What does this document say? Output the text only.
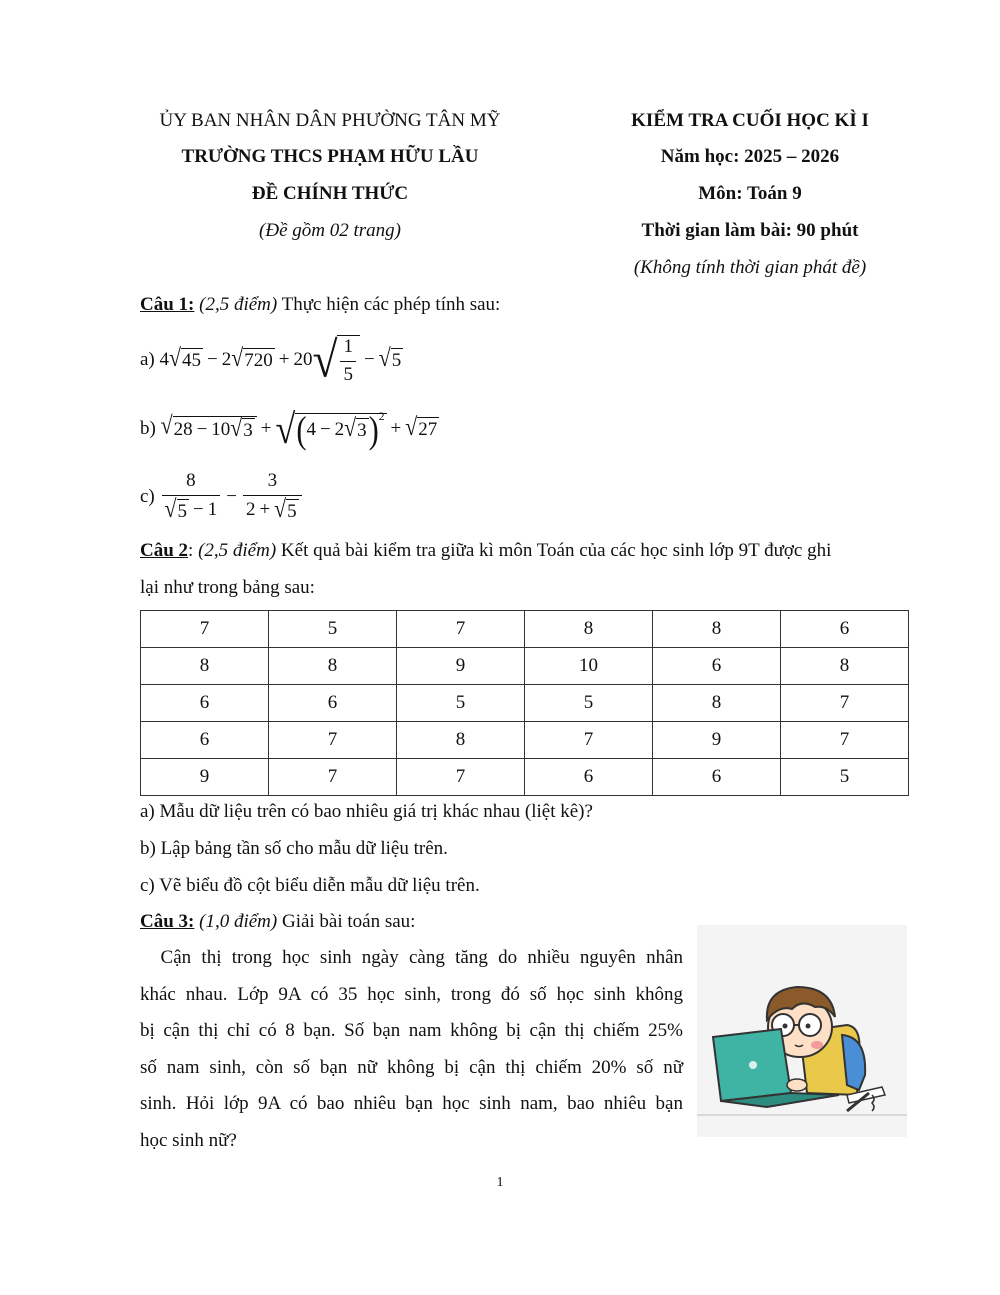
ỦY BAN NHÂN DÂN PHƯỜNG TÂN MỸ
TRƯỜNG THCS PHẠM HỮU LẦU
ĐỀ CHÍNH THỨC
(Đề gồm 02 trang)
KIỂM TRA CUỐI HỌC KÌ I
Năm học: 2025 – 2026
Môn: Toán 9
Thời gian làm bài: 90 phút
(Không tính thời gian phát đề)
Câu 1: (2,5 điểm) Thực hiện các phép tính sau:
a)
4 √ 45 − 2 √ 720 + 20 √ $\frac{1}{5}$ − √ 5
b)
√ 28 − 10 √ 3 + √ ( 4 − 2 √ 3 ) 2
+ √ 27
c)
$\frac{8}{√ 5 - 1} - \frac{3}{2 + √ 5}$
Câu 2: (2,5 điểm) Kết quả bài kiểm tra giữa kì môn Toán của các học sinh lớp 9T được ghi
lại như trong bảng sau:
7	5	7	8	8	6
8	8	9	10	6	8
6	6	5	5	8	7
6	7	8	7	9	7
9	7	7	6	6	5
a) Mẫu dữ liệu trên có bao nhiêu giá trị khác nhau (liệt kê)?
b) Lập bảng tần số cho mẫu dữ liệu trên.
c) Vẽ biểu đồ cột biểu diễn mẫu dữ liệu trên.
Câu 3: (1,0 điểm) Giải bài toán sau:
Cận thị trong học sinh ngày càng tăng do nhiều nguyên nhân
khác nhau. Lớp 9A có 35 học sinh, trong đó số học sinh không
bị cận thị chỉ có 8 bạn. Số bạn nam không bị cận thị chiếm 25%
số nam sinh, còn số bạn nữ không bị cận thị chiếm 20% số nữ
sinh. Hỏi lớp 9A có bao nhiêu bạn học sinh nam, bao nhiêu bạn
học sinh nữ?
1
